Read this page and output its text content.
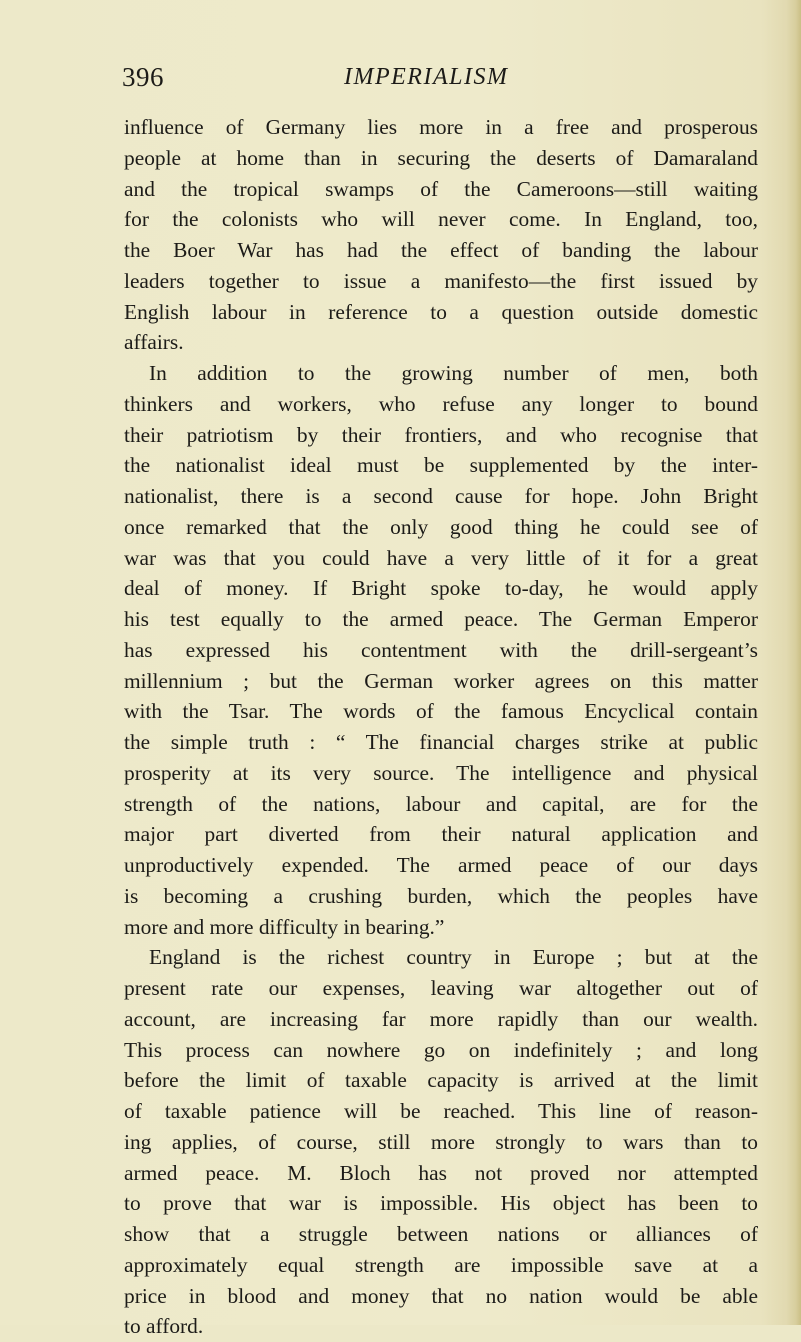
396	IMPERIALISM
influence of Germany lies more in a free and prosperous
people at home than in securing the deserts of Damaraland
and the tropical swamps of the Cameroons—still waiting
for the colonists who will never come. In England, too,
the Boer War has had the effect of banding the labour
leaders together to issue a manifesto—the first issued by
English labour in reference to a question outside domestic
affairs.
In addition to the growing number of men, both
thinkers and workers, who refuse any longer to bound
their patriotism by their frontiers, and who recognise that
the nationalist ideal must be supplemented by the inter-
nationalist, there is a second cause for hope. John Bright
once remarked that the only good thing he could see of
war was that you could have a very little of it for a great
deal of money. If Bright spoke to-day, he would apply
his test equally to the armed peace. The German Emperor
has expressed his contentment with the drill-sergeant’s
millennium ; but the German worker agrees on this matter
with the Tsar. The words of the famous Encyclical contain
the simple truth : “ The financial charges strike at public
prosperity at its very source. The intelligence and physical
strength of the nations, labour and capital, are for the
major part diverted from their natural application and
unproductively expended. The armed peace of our days
is becoming a crushing burden, which the peoples have
more and more difficulty in bearing.”
England is the richest country in Europe ; but at the
present rate our expenses, leaving war altogether out of
account, are increasing far more rapidly than our wealth.
This process can nowhere go on indefinitely ; and long
before the limit of taxable capacity is arrived at the limit
of taxable patience will be reached. This line of reason-
ing applies, of course, still more strongly to wars than to
armed peace. M. Bloch has not proved nor attempted
to prove that war is impossible. His object has been to
show that a struggle between nations or alliances of
approximately equal strength are impossible save at a
price in blood and money that no nation would be able
to afford.
